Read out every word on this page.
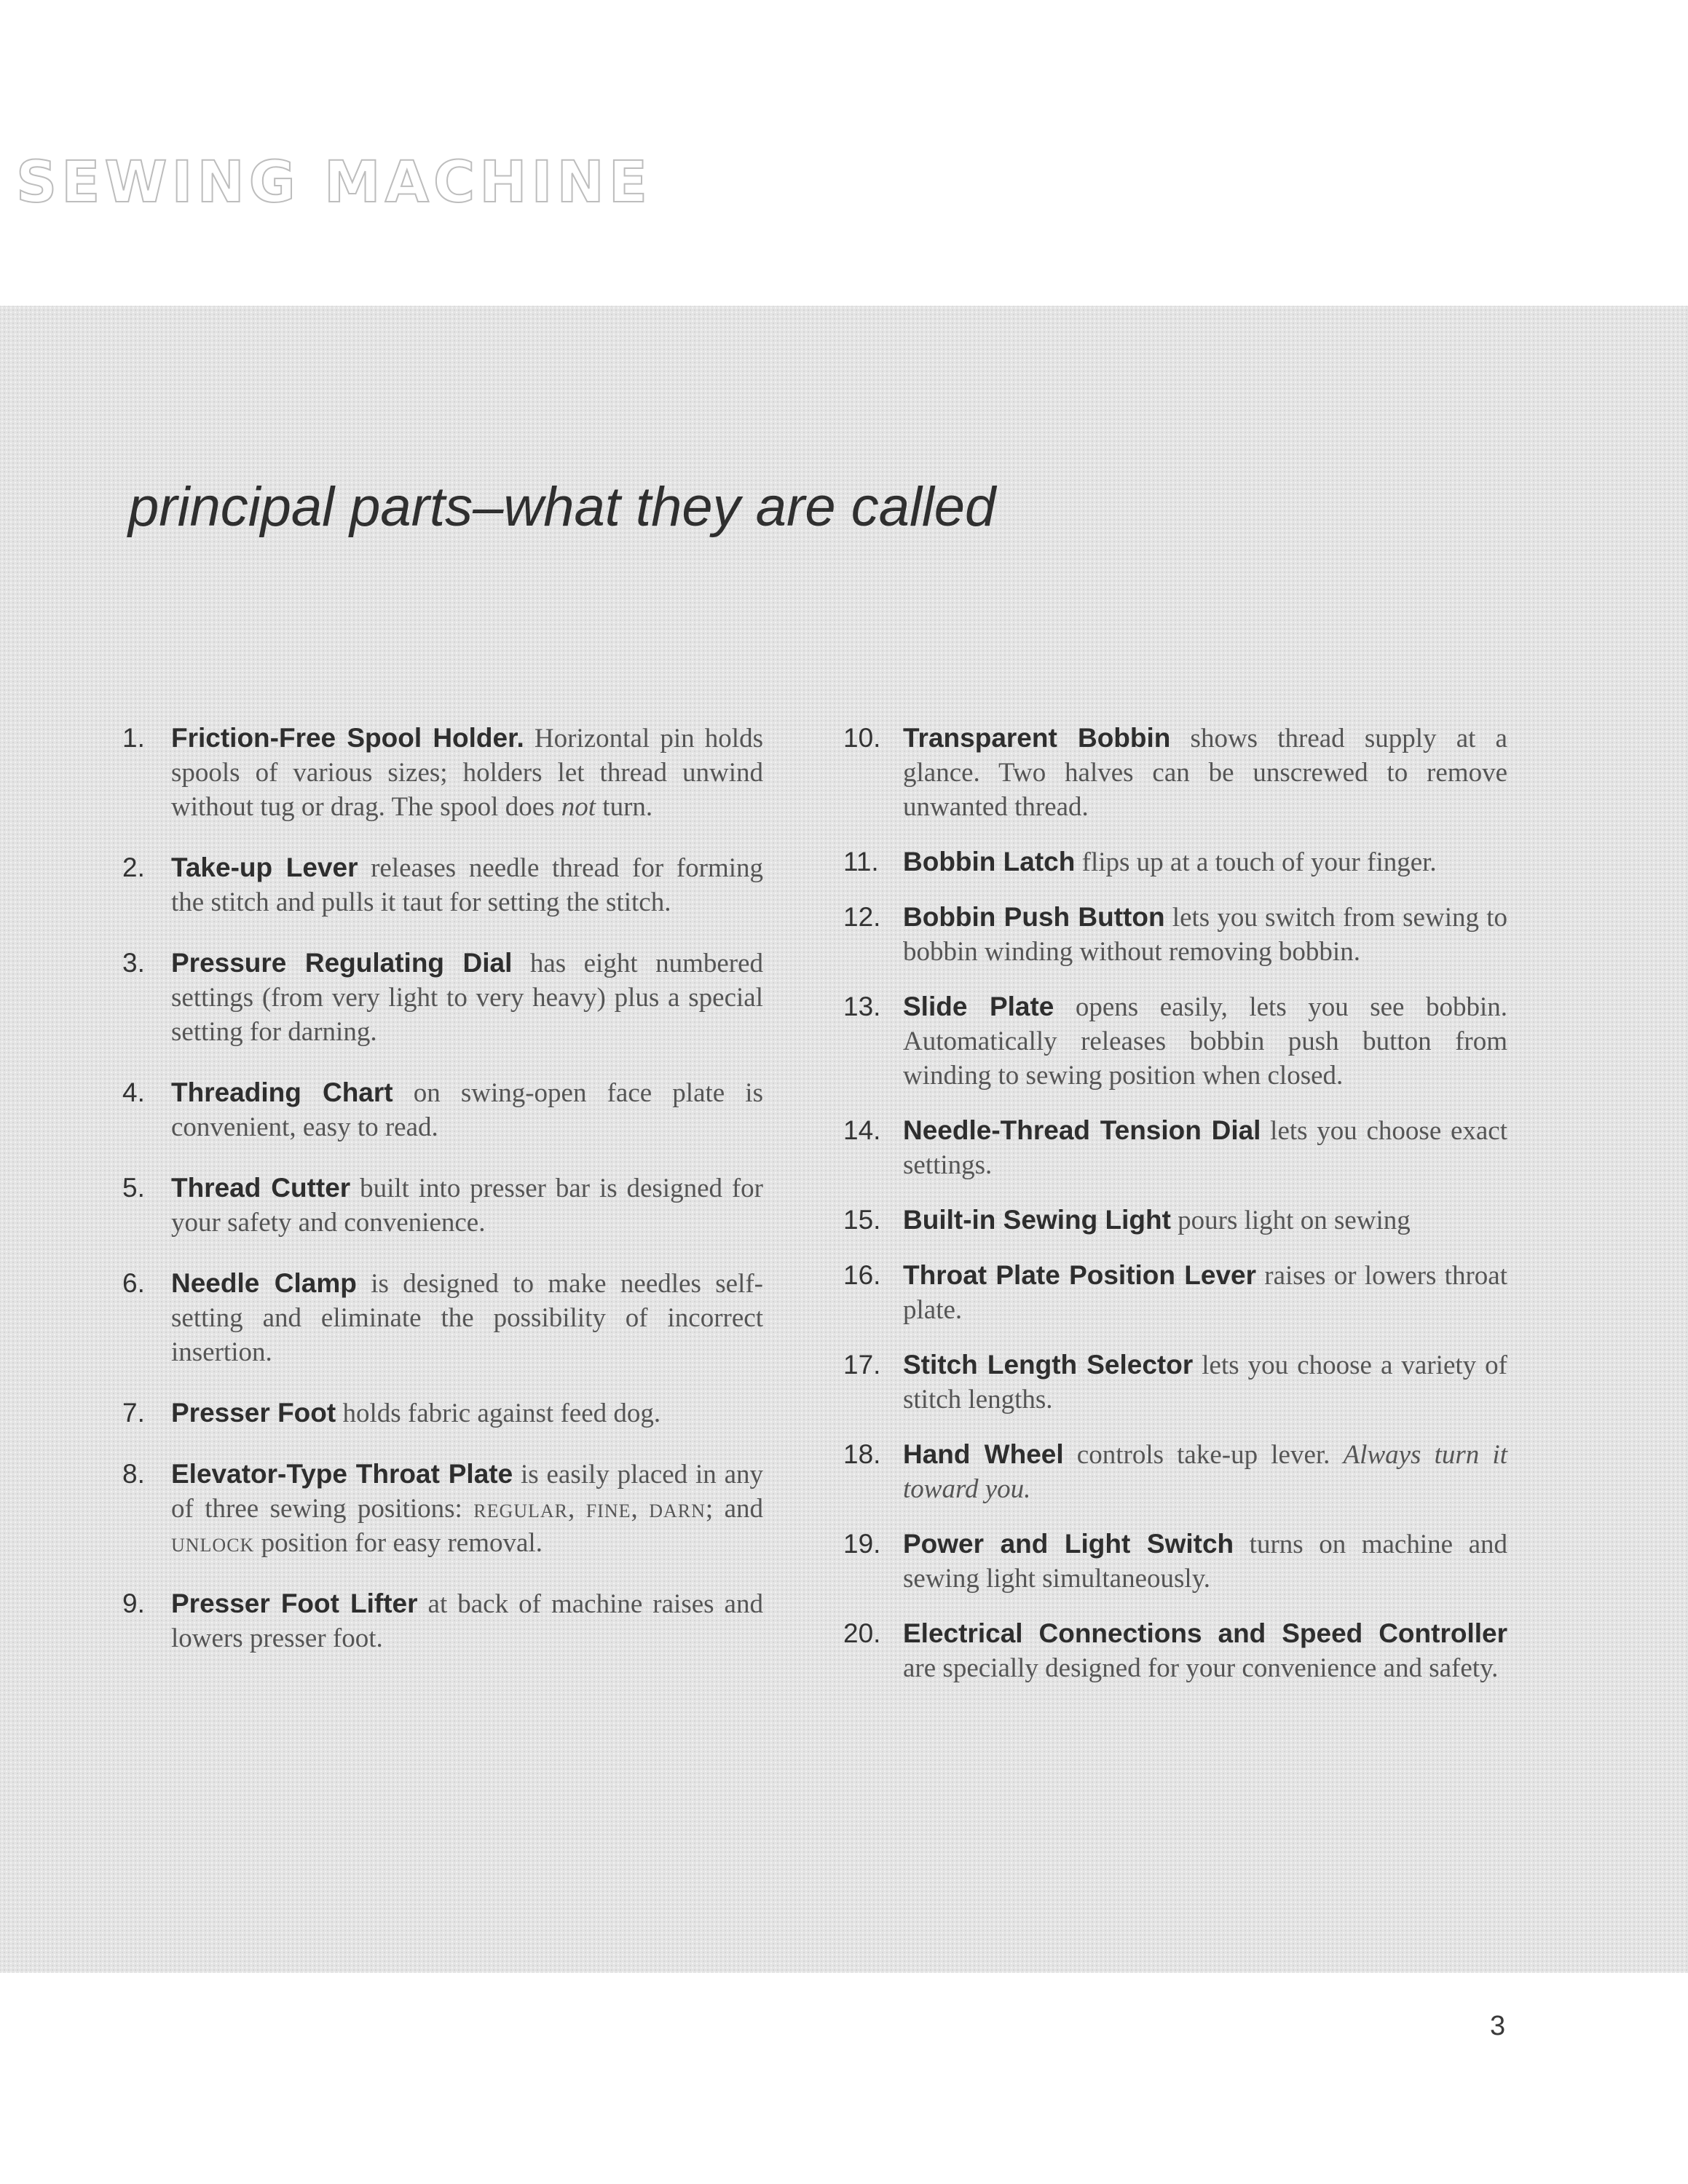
SEWING MACHINE
principal parts–what they are called
1. Friction-Free Spool Holder. Horizontal pin holds spools of various sizes; holders let thread unwind without tug or drag. The spool does not turn.
2. Take-up Lever releases needle thread for forming the stitch and pulls it taut for setting the stitch.
3. Pressure Regulating Dial has eight numbered settings (from very light to very heavy) plus a special setting for darning.
4. Threading Chart on swing-open face plate is convenient, easy to read.
5. Thread Cutter built into presser bar is designed for your safety and convenience.
6. Needle Clamp is designed to make needles self-setting and eliminate the possibility of incorrect insertion.
7. Presser Foot holds fabric against feed dog.
8. Elevator-Type Throat Plate is easily placed in any of three sewing positions: regular, fine, darn; and unlock position for easy removal.
9. Presser Foot Lifter at back of machine raises and lowers presser foot.
10. Transparent Bobbin shows thread supply at a glance. Two halves can be unscrewed to remove unwanted thread.
11. Bobbin Latch flips up at a touch of your finger.
12. Bobbin Push Button lets you switch from sewing to bobbin winding without removing bobbin.
13. Slide Plate opens easily, lets you see bobbin. Automatically releases bobbin push button from winding to sewing position when closed.
14. Needle-Thread Tension Dial lets you choose exact settings.
15. Built-in Sewing Light pours light on sewing
16. Throat Plate Position Lever raises or lowers throat plate.
17. Stitch Length Selector lets you choose a variety of stitch lengths.
18. Hand Wheel controls take-up lever. Always turn it toward you.
19. Power and Light Switch turns on machine and sewing light simultaneously.
20. Electrical Connections and Speed Controller are specially designed for your convenience and safety.
3
